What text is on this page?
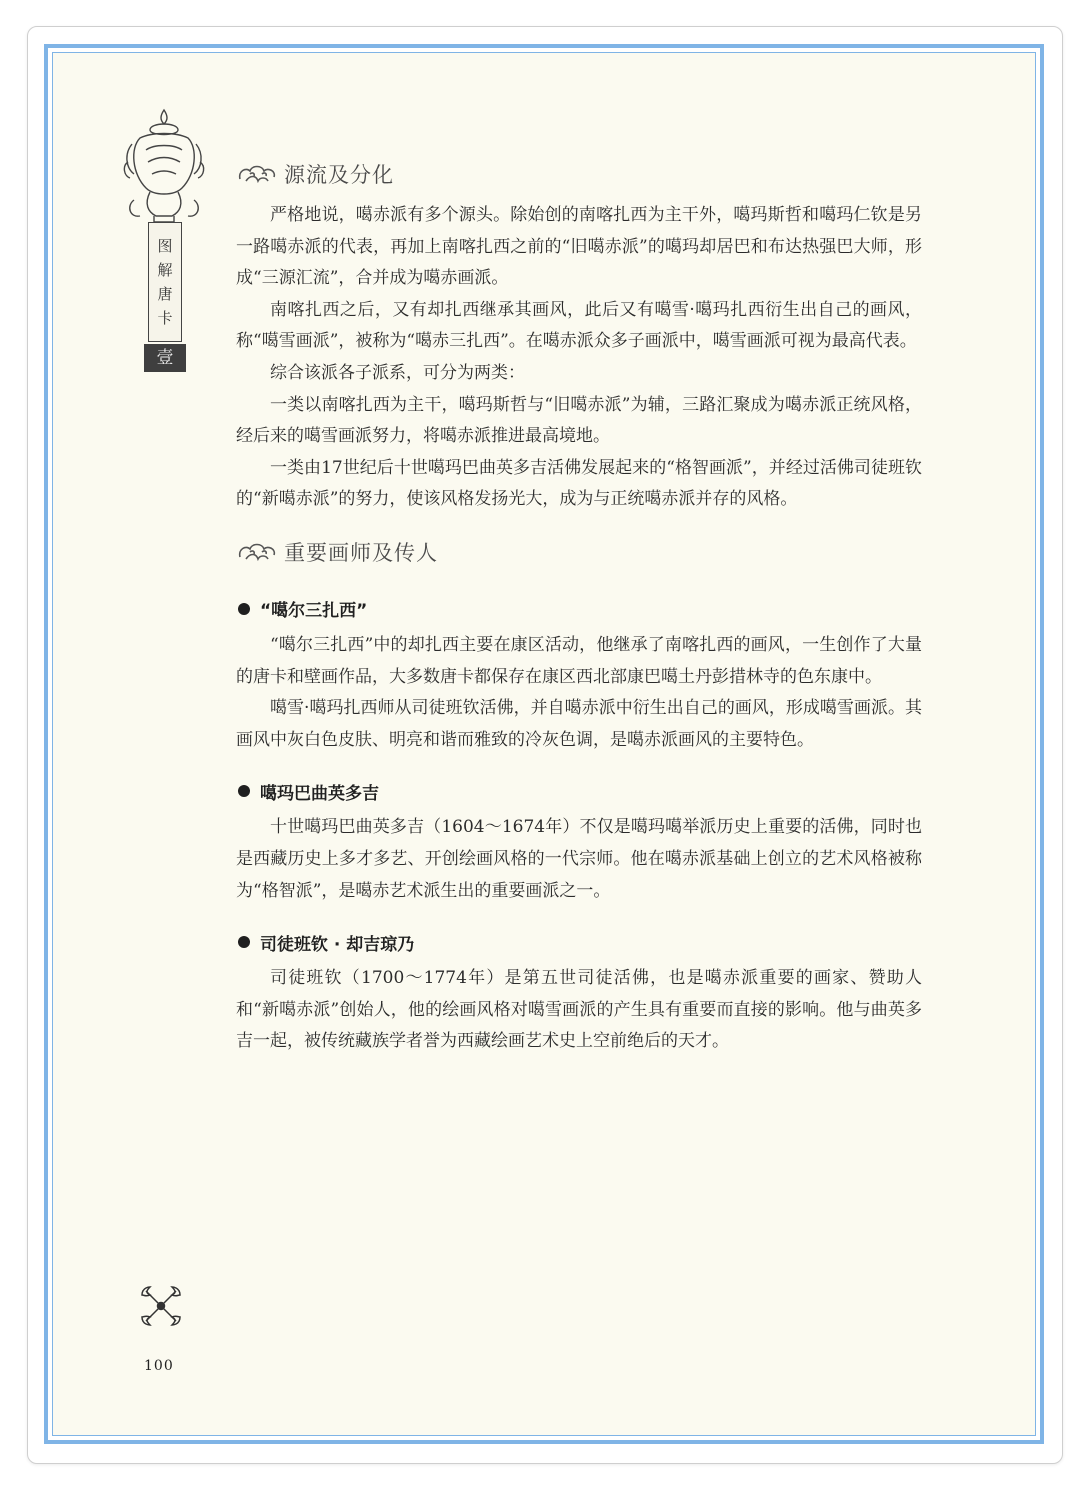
图
解
唐
卡
壹
源流及分化

严格地说，噶赤派有多个源头。除始创的南喀扎西为主干外，噶玛斯哲和噶玛仁钦是另一路噶赤派的代表，再加上南喀扎西之前的“旧噶赤派”的噶玛却居巴和布达热强巴大师，形成“三源汇流”，合并成为噶赤画派。

南喀扎西之后，又有却扎西继承其画风，此后又有噶雪·噶玛扎西衍生出自己的画风，称“噶雪画派”，被称为“噶赤三扎西”。在噶赤派众多子画派中，噶雪画派可视为最高代表。

综合该派各子派系，可分为两类：

一类以南喀扎西为主干，噶玛斯哲与“旧噶赤派”为辅，三路汇聚成为噶赤派正统风格，经后来的噶雪画派努力，将噶赤派推进最高境地。

一类由17世纪后十世噶玛巴曲英多吉活佛发展起来的“格智画派”，并经过活佛司徒班钦的“新噶赤派”的努力，使该风格发扬光大，成为与正统噶赤派并存的风格。

重要画师及传人
“噶尔三扎西”

“噶尔三扎西”中的却扎西主要在康区活动，他继承了南喀扎西的画风，一生创作了大量的唐卡和壁画作品，大多数唐卡都保存在康区西北部康巴噶土丹彭措林寺的色东康中。

噶雪·噶玛扎西师从司徒班钦活佛，并自噶赤派中衍生出自己的画风，形成噶雪画派。其画风中灰白色皮肤、明亮和谐而雅致的冷灰色调，是噶赤派画风的主要特色。

噶玛巴曲英多吉

十世噶玛巴曲英多吉（1604～1674年）不仅是噶玛噶举派历史上重要的活佛，同时也是西藏历史上多才多艺、开创绘画风格的一代宗师。他在噶赤派基础上创立的艺术风格被称为“格智派”，是噶赤艺术派生出的重要画派之一。

司徒班钦 · 却吉琼乃

司徒班钦（1700～1774年）是第五世司徒活佛，也是噶赤派重要的画家、赞助人和“新噶赤派”创始人，他的绘画风格对噶雪画派的产生具有重要而直接的影响。他与曲英多吉一起，被传统藏族学者誉为西藏绘画艺术史上空前绝后的天才。

100
